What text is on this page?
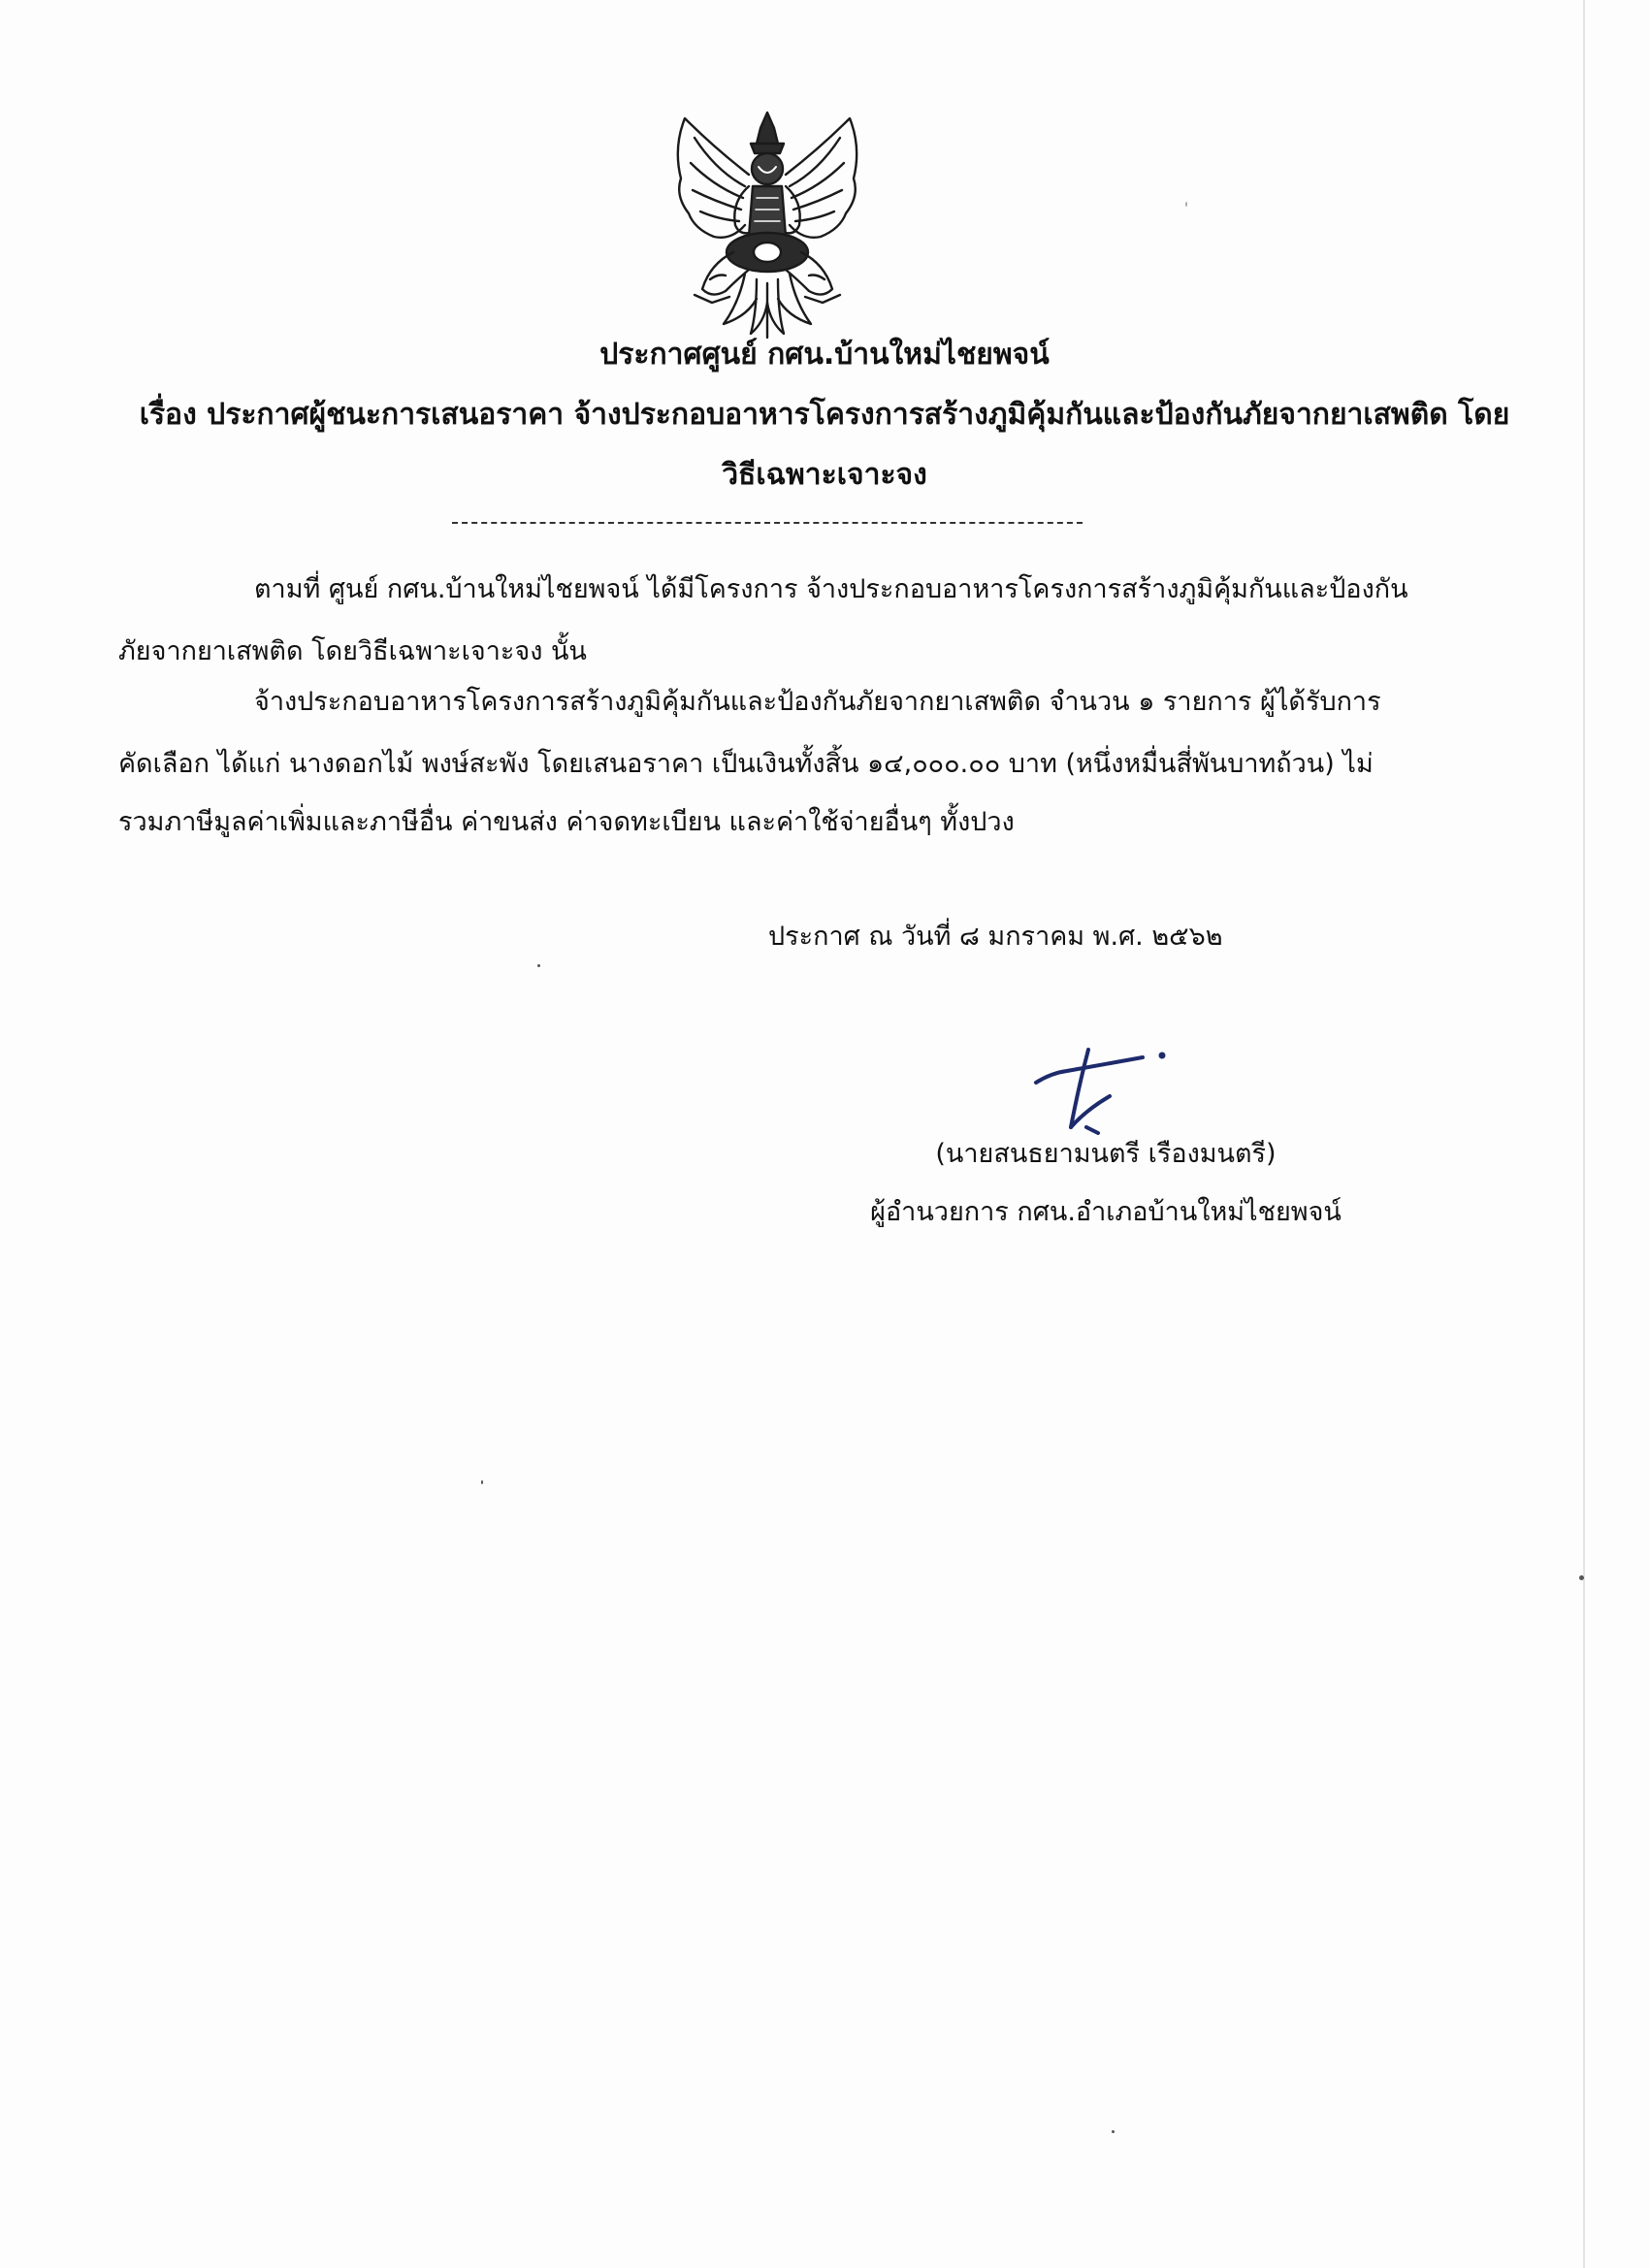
ประกาศศูนย์ กศน.บ้านใหม่ไชยพจน์
เรื่อง ประกาศผู้ชนะการเสนอราคา จ้างประกอบอาหารโครงการสร้างภูมิคุ้มกันและป้องกันภัยจากยาเสพติด โดย
วิธีเฉพาะเจาะจง
ตามที่ ศูนย์ กศน.บ้านใหม่ไชยพจน์ ได้มีโครงการ จ้างประกอบอาหารโครงการสร้างภูมิคุ้มกันและป้องกัน
ภัยจากยาเสพติด โดยวิธีเฉพาะเจาะจง นั้น
จ้างประกอบอาหารโครงการสร้างภูมิคุ้มกันและป้องกันภัยจากยาเสพติด จำนวน ๑ รายการ ผู้ได้รับการ
คัดเลือก ได้แก่ นางดอกไม้ พงษ์สะพัง โดยเสนอราคา เป็นเงินทั้งสิ้น ๑๔,๐๐๐.๐๐ บาท (หนึ่งหมื่นสี่พันบาทถ้วน) ไม่
รวมภาษีมูลค่าเพิ่มและภาษีอื่น ค่าขนส่ง ค่าจดทะเบียน และค่าใช้จ่ายอื่นๆ ทั้งปวง
ประกาศ ณ วันที่ ๘ มกราคม พ.ศ. ๒๕๖๒
(นายสนธยามนตรี เรืองมนตรี)
ผู้อำนวยการ กศน.อำเภอบ้านใหม่ไชยพจน์
